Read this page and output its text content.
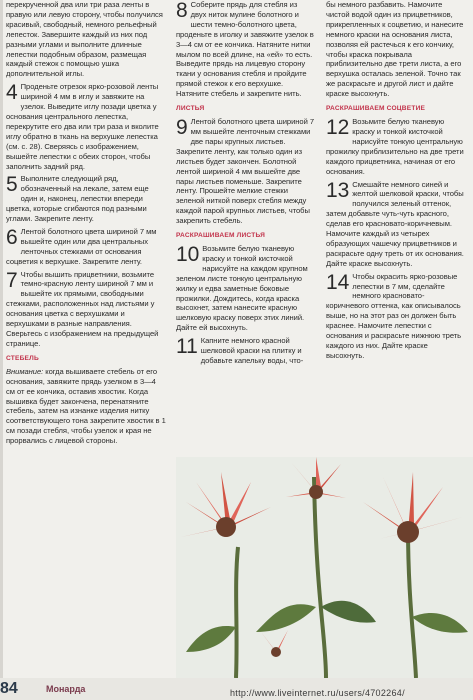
перекрученной два или три раза ленты в правую или левую сторону, чтобы получился красивый, свободный, немного рельефный лепесток. Завершите каждый из них под разными углами и выполните длинные лепестки подобным образом, размещая каждый стежок с помощью ушка дополнительной иглы.

4 Проденьте отрезок ярко-розовой ленты шириной 4 мм в иглу и завяжите на узелок. Выведите иглу позади цветка у основания центрального лепестка, перекрутите его два или три раза и вколите иглу обратно в ткань на верхушке лепестка (см. с. 28). Сверяясь с изображением, вышейте лепестки с обеих сторон, чтобы заполнить задний ряд.
5 Выполните следующий ряд, обозначенный на лекале, затем еще один и, наконец, лепестки впереди цветка, которые сгибаются под разными углами. Закрепите ленту.
6 Лентой болотного цвета шириной 7 мм вышейте один или два центральных ленточных стежками от основания соцветия к верхушке. Закрепите ленту.
7 Чтобы вышить прицветники, возьмите темно-красную ленту шириной 7 мм и вышейте их прямыми, свободными стежками, расположенных над листьями у основания цветка с верхушками и верхушками в разные направления. Сверьтесь с изображением на предыдущей странице.
СТЕБЕЛЬ

Внимание: когда вышиваете стебель от его основания, завяжите прядь узелком в 3—4 см от ее кончика, оставив хвостик. Когда вышивка будет закончена, перенатяните стебель, затем на изнанке изделия нитку соответствующего тона закрепите хвостик в 1 см позади стебля, чтобы узелок и края не прорвались с лицевой стороны.

8 Соберите прядь для стебля из двух ниток мулине болотного и шести темно-болотного цвета, проденьте в иголку и завяжите узелок в 3—4 см от ее кончика. Натяните нитки мылом по всей длине, на «ей» то есть. Выведите прядь на лицевую сторону ткани у основания стебля и пройдите прямой стежок к его верхушке. Натяните стебель и закрепите нить.
ЛИСТЬЯ
9 Лентой болотного цвета шириной 7 мм вышейте ленточным стежками две пары крупных листьев. Закрепите ленту, как только один из листьев будет закончен. Болотной лентой шириной 4 мм вышейте две пары листьев поменьше. Закрепите ленту. Прошейте мелкие стежки зеленой ниткой поверх стебля между каждой парой крупных листьев, чтобы закрепить стебель.
РАСКРАШИВАЕМ ЛИСТЬЯ
10 Возьмите белую тканевую краску и тонкой кисточкой нарисуйте на каждом крупном зеленом листе тонкую центральную жилку и едва заметные боковые прожилки. Дождитесь, когда краска высохнет, затем нанесите красную шелковую краску поверх этих линий. Дайте ей высохнуть.
11 Капните немного красной шелковой краски на плитку и добавьте капельку воды, что-

бы немного разбавить. Намочите чистой водой один из прицветников, прикрепленных к соцветию, и нанесите немного краски на основания листа, позволяя ей растечься к его кончику, чтобы краска покрывала приблизительно две трети листа, а его верхушка осталась зеленой. Точно так же раскрасьте и другой лист и дайте краске высохнуть.

РАСКРАШИВАЕМ СОЦВЕТИЕ
12 Возьмите белую тканевую краску и тонкой кисточкой нарисуйте тонкую центральную прожилку приблизительно на две трети каждого прицветника, начиная от его основания.
13 Смешайте немного синей и желтой шелковой краски, чтобы получился зеленый оттенок, затем добавьте чуть-чуть красного, сделав его красновато-коричневым. Намочите каждый из четырех образующих чашечку прицветников и раскрасьте одну треть от их основания. Дайте краске высохнуть.
14 Чтобы окрасить ярко-розовые лепестки в 7 мм, сделайте немного красновато-коричневого оттенка, как описывалось выше, но на этот раз он должен быть краснее. Намочите лепестки с основания и раскрасьте нижнюю треть каждого из них. Дайте краске высохнуть.
84	Монарда	http://www.liveinternet.ru/users/4702264/
